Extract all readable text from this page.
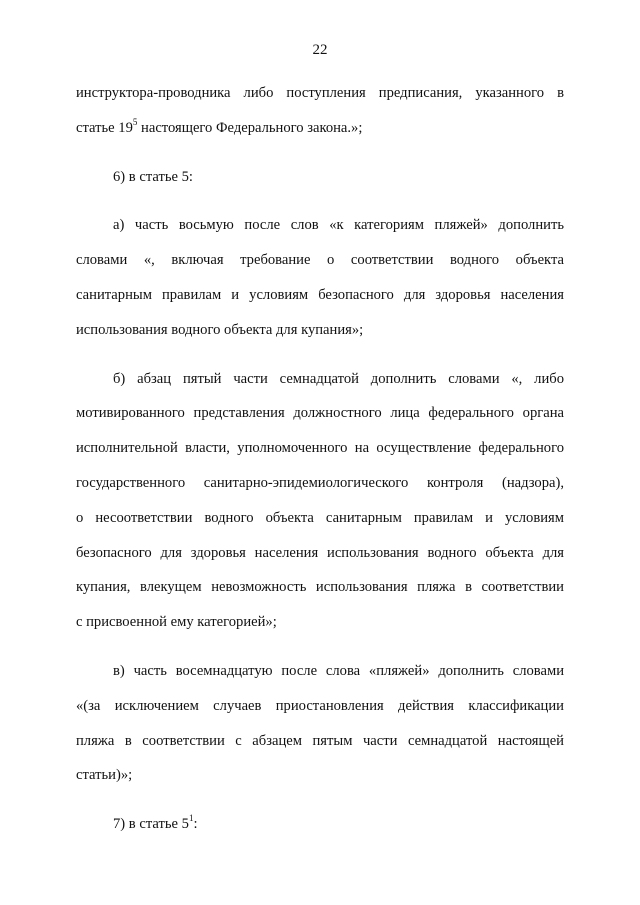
22
инструктора-проводника либо поступления предписания, указанного в
статье $19^5$ настоящего Федерального закона.»;
6) в статье 5:
а) часть восьмую после слов «к категориям пляжей» дополнить
словами «, включая требование о соответствии водного объекта
санитарным правилам и условиям безопасного для здоровья населения
использования водного объекта для купания»;
б) абзац пятый части семнадцатой дополнить словами «, либо
мотивированного представления должностного лица федерального органа
исполнительной власти, уполномоченного на осуществление федерального
государственного санитарно-эпидемиологического контроля (надзора),
о несоответствии водного объекта санитарным правилам и условиям
безопасного для здоровья населения использования водного объекта для
купания, влекущем невозможность использования пляжа в соответствии
с присвоенной ему категорией»;
в) часть восемнадцатую после слова «пляжей» дополнить словами
«(за исключением случаев приостановления действия классификации
пляжа в соответствии с абзацем пятым части семнадцатой настоящей
статьи)»;
7) в статье $5^1$:
